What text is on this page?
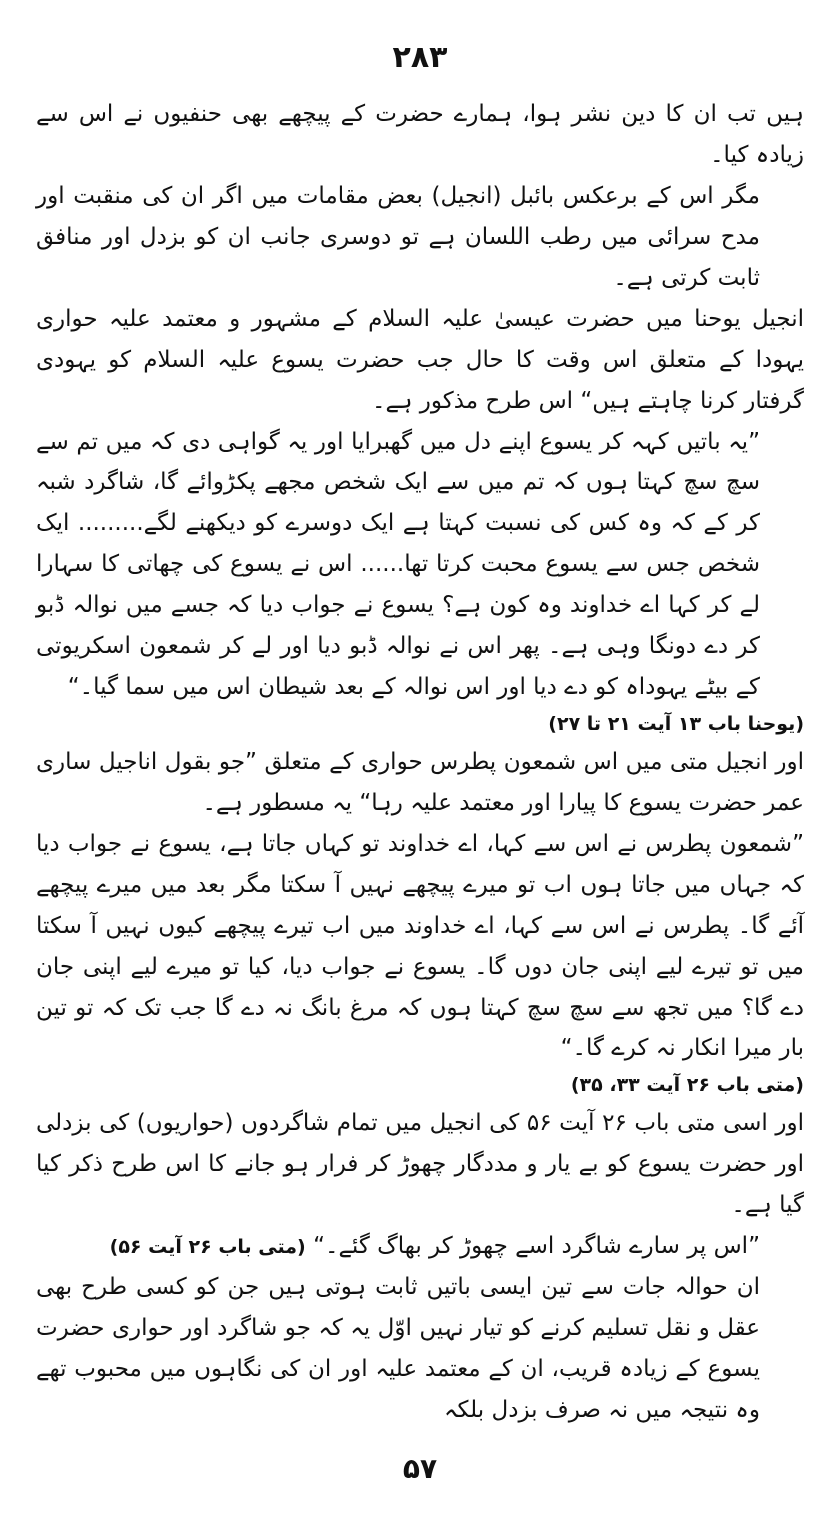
۲۸۳

ہیں تب ان کا دین نشر ہوا، ہمارے حضرت کے پیچھے بھی حنفیوں نے اس سے زیادہ کیا۔

مگر اس کے برعکس بائبل (انجیل) بعض مقامات میں اگر ان کی منقبت اور مدح سرائی میں رطب اللسان ہے تو دوسری جانب ان کو بزدل اور منافق ثابت کرتی ہے۔

انجیل یوحنا میں حضرت عیسیٰ علیہ السلام کے مشہور و معتمد علیہ حواری یہودا کے متعلق اس وقت کا حال جب حضرت یسوع علیہ السلام کو یہودی گرفتار کرنا چاہتے ہیں“ اس طرح مذکور ہے۔

”یہ باتیں کہہ کر یسوع اپنے دل میں گھبرایا اور یہ گواہی دی کہ میں تم سے سچ سچ کہتا ہوں کہ تم میں سے ایک شخص مجھے پکڑوائے گا، شاگرد شبہ کر کے کہ وہ کس کی نسبت کہتا ہے ایک دوسرے کو دیکھنے لگے......... ایک شخص جس سے یسوع محبت کرتا تھا...... اس نے یسوع کی چھاتی کا سہارا لے کر کہا اے خداوند وہ کون ہے؟ یسوع نے جواب دیا کہ جسے میں نوالہ ڈبو کر دے دونگا وہی ہے۔ پھر اس نے نوالہ ڈبو دیا اور لے کر شمعون اسکریوتی کے بیٹے یہوداہ کو دے دیا اور اس نوالہ کے بعد شیطان اس میں سما گیا۔“

(یوحنا باب ۱۳ آیت ۲۱ تا ۲۷)

اور انجیل متی میں اس شمعون پطرس حواری کے متعلق ”جو بقول اناجیل ساری عمر حضرت یسوع کا پیارا اور معتمد علیہ رہا“ یہ مسطور ہے۔

”شمعون پطرس نے اس سے کہا، اے خداوند تو کہاں جاتا ہے، یسوع نے جواب دیا کہ جہاں میں جاتا ہوں اب تو میرے پیچھے نہیں آ سکتا مگر بعد میں میرے پیچھے آئے گا۔ پطرس نے اس سے کہا، اے خداوند میں اب تیرے پیچھے کیوں نہیں آ سکتا میں تو تیرے لیے اپنی جان دوں گا۔ یسوع نے جواب دیا، کیا تو میرے لیے اپنی جان دے گا؟ میں تجھ سے سچ سچ کہتا ہوں کہ مرغ بانگ نہ دے گا جب تک کہ تو تین بار میرا انکار نہ کرے گا۔“

(متی باب ۲۶ آیت ۳۳، ۳۵)

اور اسی متی باب ۲۶ آیت ۵۶ کی انجیل میں تمام شاگردوں (حواریوں) کی بزدلی اور حضرت یسوع کو بے یار و مددگار چھوڑ کر فرار ہو جانے کا اس طرح ذکر کیا گیا ہے۔

”اس پر سارے شاگرد اسے چھوڑ کر بھاگ گئے۔“ (متی باب ۲۶ آیت ۵۶)

ان حوالہ جات سے تین ایسی باتیں ثابت ہوتی ہیں جن کو کسی طرح بھی عقل و نقل تسلیم کرنے کو تیار نہیں اوّل یہ کہ جو شاگرد اور حواری حضرت یسوع کے زیادہ قریب، ان کے معتمد علیہ اور ان کی نگاہوں میں محبوب تھے وہ نتیجہ میں نہ صرف بزدل بلکہ

۵۷
